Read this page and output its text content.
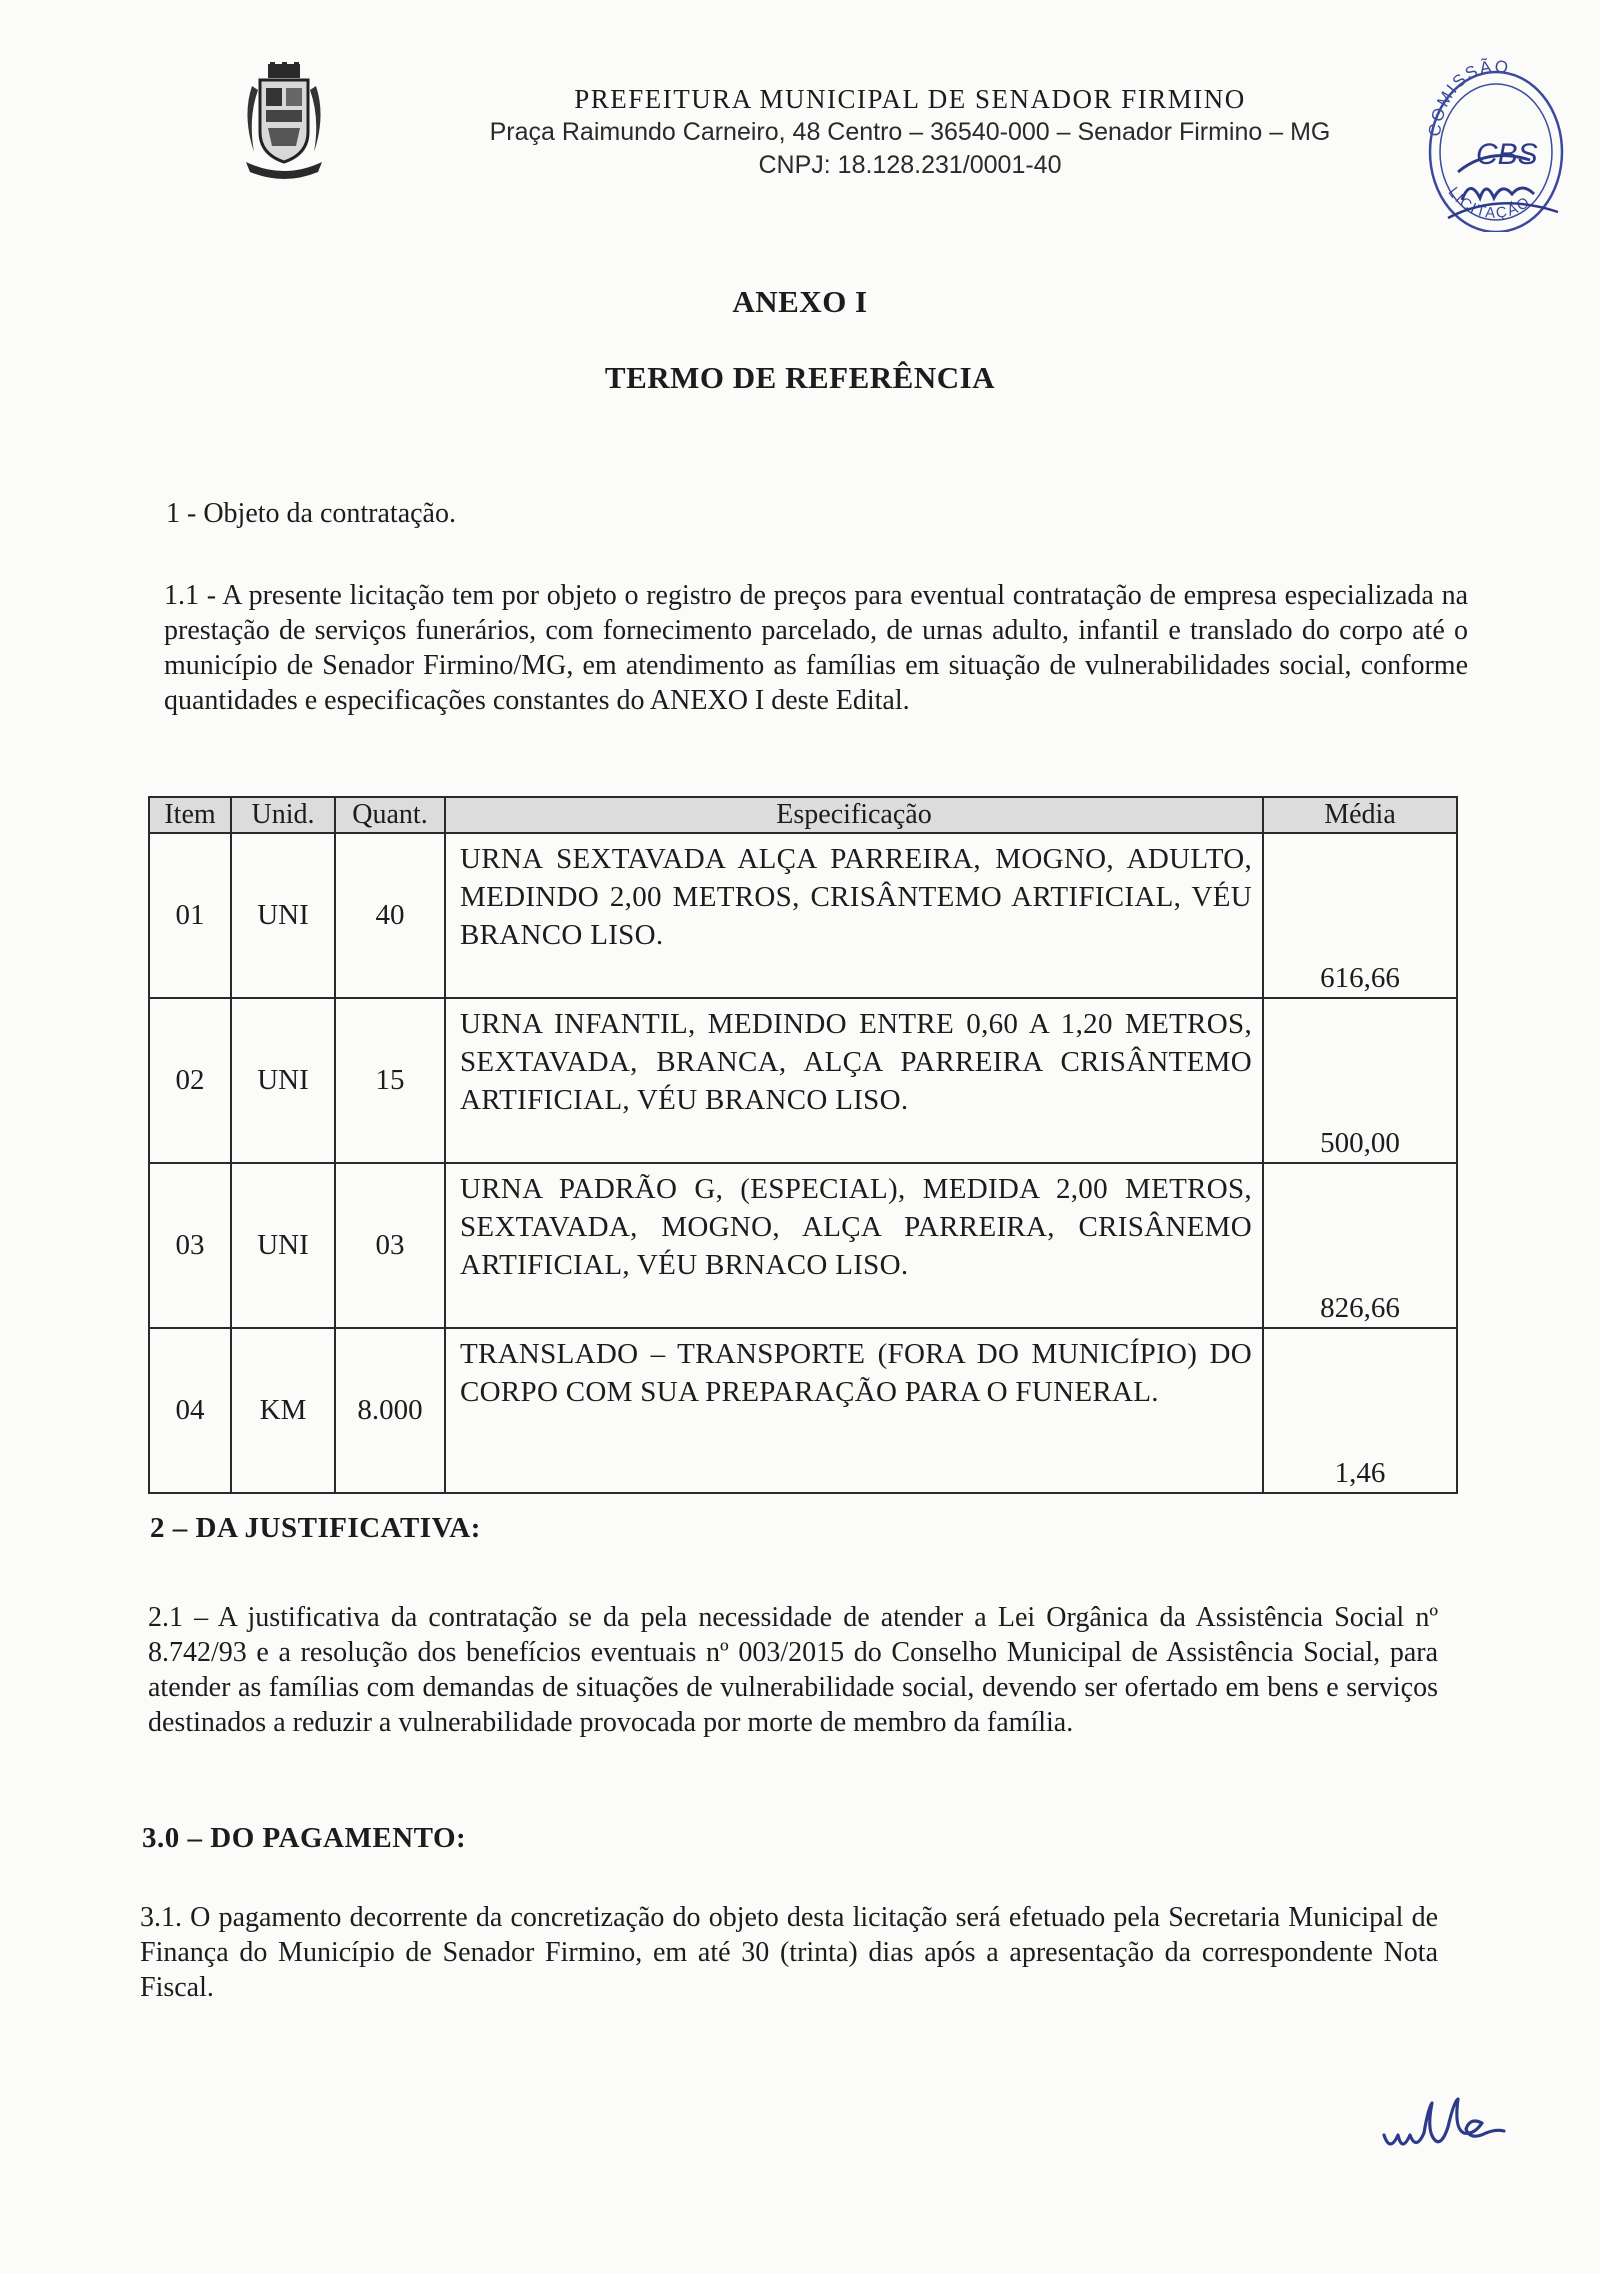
PREFEITURA MUNICIPAL DE SENADOR FIRMINO
Praça Raimundo Carneiro, 48 Centro – 36540-000 – Senador Firmino – MG
CNPJ: 18.128.231/0001-40
COMISSÃO
LICITAÇÃO
CBS
ANEXO I
TERMO DE REFERÊNCIA
1 - Objeto da contratação.
1.1 - A presente licitação tem por objeto o registro de preços para eventual contratação de empresa especializada na prestação de serviços funerários, com fornecimento parcelado, de urnas adulto, infantil e translado do corpo até o município de Senador Firmino/MG, em atendimento as famílias em situação de vulnerabilidades social, conforme quantidades e especificações constantes do ANEXO I deste Edital.
Item	Unid.	Quant.	Especificação	Média
01	UNI	40	URNA SEXTAVADA ALÇA PARREIRA, MOGNO, ADULTO, MEDINDO 2,00 METROS, CRISÂNTEMO ARTIFICIAL, VÉU BRANCO LISO.	616,66
02	UNI	15	URNA INFANTIL, MEDINDO ENTRE 0,60 A 1,20 METROS, SEXTAVADA, BRANCA, ALÇA PARREIRA CRISÂNTEMO ARTIFICIAL, VÉU BRANCO LISO.	500,00
03	UNI	03	URNA PADRÃO G, (ESPECIAL), MEDIDA 2,00 METROS, SEXTAVADA, MOGNO, ALÇA PARREIRA, CRISÂNEMO ARTIFICIAL, VÉU BRNACO LISO.	826,66
04	KM	8.000	TRANSLADO – TRANSPORTE (FORA DO MUNICÍPIO) DO CORPO COM SUA PREPARAÇÃO PARA O FUNERAL.	1,46
2 – DA JUSTIFICATIVA:
2.1 – A justificativa da contratação se da pela necessidade de atender a Lei Orgânica da Assistência Social nº 8.742/93 e a resolução dos benefícios eventuais nº 003/2015 do Conselho Municipal de Assistência Social, para atender as famílias com demandas de situações de vulnerabilidade social, devendo ser ofertado em bens e serviços destinados a reduzir a vulnerabilidade provocada por morte de membro da família.
3.0 – DO PAGAMENTO:
3.1. O pagamento decorrente da concretização do objeto desta licitação será efetuado pela Secretaria Municipal de Finança do Município de Senador Firmino, em até 30 (trinta) dias após a apresentação da correspondente Nota Fiscal.
